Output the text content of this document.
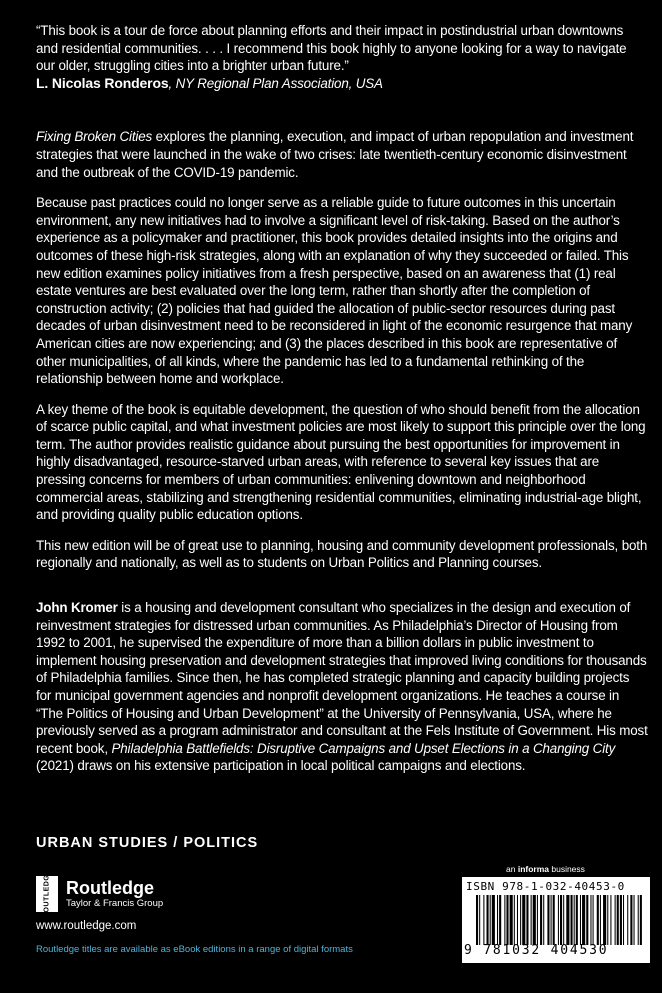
“This book is a tour de force about planning efforts and their impact in postindustrial urban downtowns and residential communities. . . . I recommend this book highly to anyone looking for a way to navigate our older, struggling cities into a brighter urban future.”

L. Nicolas Ronderos, NY Regional Plan Association, USA

Fixing Broken Cities explores the planning, execution, and impact of urban repopulation and investment strategies that were launched in the wake of two crises: late twentieth-century economic disinvestment and the outbreak of the COVID-19 pandemic.

Because past practices could no longer serve as a reliable guide to future outcomes in this uncertain environment, any new initiatives had to involve a significant level of risk-taking. Based on the author’s experience as a policymaker and practitioner, this book provides detailed insights into the origins and outcomes of these high-risk strategies, along with an explanation of why they succeeded or failed. This new edition examines policy initiatives from a fresh perspective, based on an awareness that (1) real estate ventures are best evaluated over the long term, rather than shortly after the completion of construction activity; (2) policies that had guided the allocation of public-sector resources during past decades of urban disinvestment need to be reconsidered in light of the economic resurgence that many American cities are now experiencing; and (3) the places described in this book are representative of other municipalities, of all kinds, where the pandemic has led to a fundamental rethinking of the relationship between home and workplace.

A key theme of the book is equitable development, the question of who should benefit from the allocation of scarce public capital, and what investment policies are most likely to support this principle over the long term. The author provides realistic guidance about pursuing the best opportunities for improvement in highly disadvantaged, resource-starved urban areas, with reference to several key issues that are pressing concerns for members of urban communities: enlivening downtown and neighborhood commercial areas, stabilizing and strengthening residential communities, eliminating industrial-age blight, and providing quality public education options.

This new edition will be of great use to planning, housing and community development professionals, both regionally and nationally, as well as to students on Urban Politics and Planning courses.

John Kromer is a housing and development consultant who specializes in the design and execution of reinvestment strategies for distressed urban communities. As Philadelphia’s Director of Housing from 1992 to 2001, he supervised the expenditure of more than a billion dollars in public investment to implement housing preservation and development strategies that improved living conditions for thousands of Philadelphia families. Since then, he has completed strategic planning and capacity building projects for municipal government agencies and nonprofit development organizations. He teaches a course in “The Politics of Housing and Urban Development” at the University of Pennsylvania, USA, where he previously served as a program administrator and consultant at the Fels Institute of Government. His most recent book, Philadelphia Battlefields: Disruptive Campaigns and Upset Elections in a Changing City (2021) draws on his extensive participation in local political campaigns and elections.

URBAN STUDIES / POLITICS
ROUTLEDGE Routledge
Taylor & Francis Group
www.routledge.com
Routledge titles are available as eBook editions in a range of digital formats
an informa business
ISBN 978-1-032-40453-0
9 781032 404530
